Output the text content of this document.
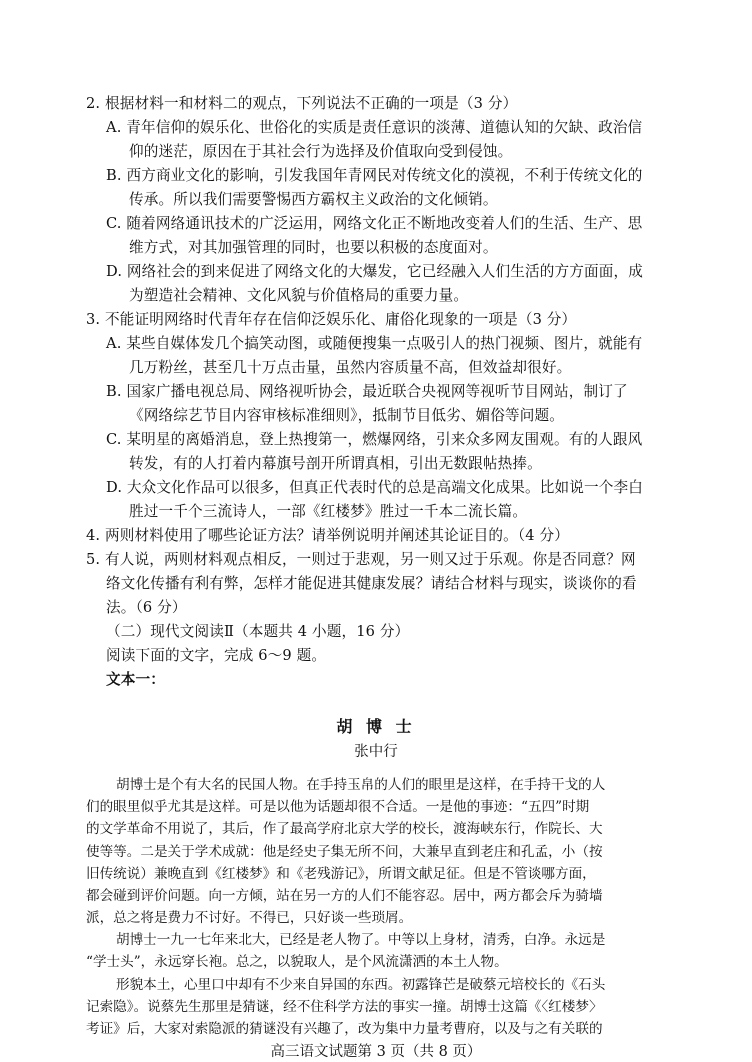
2. 根据材料一和材料二的观点，下列说法不正确的一项是（3 分）
A. 青年信仰的娱乐化、世俗化的实质是责任意识的淡薄、道德认知的欠缺、政治信
仰的迷茫，原因在于其社会行为选择及价值取向受到侵蚀。
B. 西方商业文化的影响，引发我国年青网民对传统文化的漠视，不利于传统文化的
传承。所以我们需要警惕西方霸权主义政治的文化倾销。
C. 随着网络通讯技术的广泛运用，网络文化正不断地改变着人们的生活、生产、思
维方式，对其加强管理的同时，也要以积极的态度面对。
D. 网络社会的到来促进了网络文化的大爆发，它已经融入人们生活的方方面面，成
为塑造社会精神、文化风貌与价值格局的重要力量。
3. 不能证明网络时代青年存在信仰泛娱乐化、庸俗化现象的一项是（3 分）
A. 某些自媒体发几个搞笑动图，或随便搜集一点吸引人的热门视频、图片，就能有
几万粉丝，甚至几十万点击量，虽然内容质量不高，但效益却很好。
B. 国家广播电视总局、网络视听协会，最近联合央视网等视听节目网站，制订了
《网络综艺节目内容审核标准细则》，抵制节目低劣、媚俗等问题。
C. 某明星的离婚消息，登上热搜第一，燃爆网络，引来众多网友围观。有的人跟风
转发，有的人打着内幕旗号剖开所谓真相，引出无数跟帖热捧。
D. 大众文化作品可以很多，但真正代表时代的总是高端文化成果。比如说一个李白
胜过一千个三流诗人，一部《红楼梦》胜过一千本二流长篇。
4. 两则材料使用了哪些论证方法？请举例说明并阐述其论证目的。（4 分）
5. 有人说，两则材料观点相反，一则过于悲观，另一则又过于乐观。你是否同意？网
络文化传播有利有弊，怎样才能促进其健康发展？请结合材料与现实，谈谈你的看
法。（6 分）
（二）现代文阅读Ⅱ（本题共 4 小题，16 分）
阅读下面的文字，完成 6～9 题。
文本一：
胡 博 士
张中行
胡博士是个有大名的民国人物。在手持玉帛的人们的眼里是这样，在手持干戈的人
们的眼里似乎尤其是这样。可是以他为话题却很不合适。一是他的事迹：“五四”时期
的文学革命不用说了，其后，作了最高学府北京大学的校长，渡海峡东行，作院长、大
使等等。二是关于学术成就：他是经史子集无所不问，大兼早直到老庄和孔孟，小（按
旧传统说）兼晚直到《红楼梦》和《老残游记》，所谓文献足征。但是不管谈哪方面，
都会碰到评价问题。向一方倾，站在另一方的人们不能容忍。居中，两方都会斥为骑墙
派，总之将是费力不讨好。不得已，只好谈一些琐屑。
胡博士一九一七年来北大，已经是老人物了。中等以上身材，清秀，白净。永远是
“学士头”，永远穿长袍。总之，以貌取人，是个风流潇洒的本土人物。
形貌本土，心里口中却有不少来自异国的东西。初露锋芒是破蔡元培校长的《石头
记索隐》。说蔡先生那里是猜谜，经不住科学方法的事实一撞。胡博士这篇《〈红楼梦〉
考证》后，大家对索隐派的猜谜没有兴趣了，改为集中力量考曹府，以及与之有关联的
高三语文试题第 3 页（共 8 页）
